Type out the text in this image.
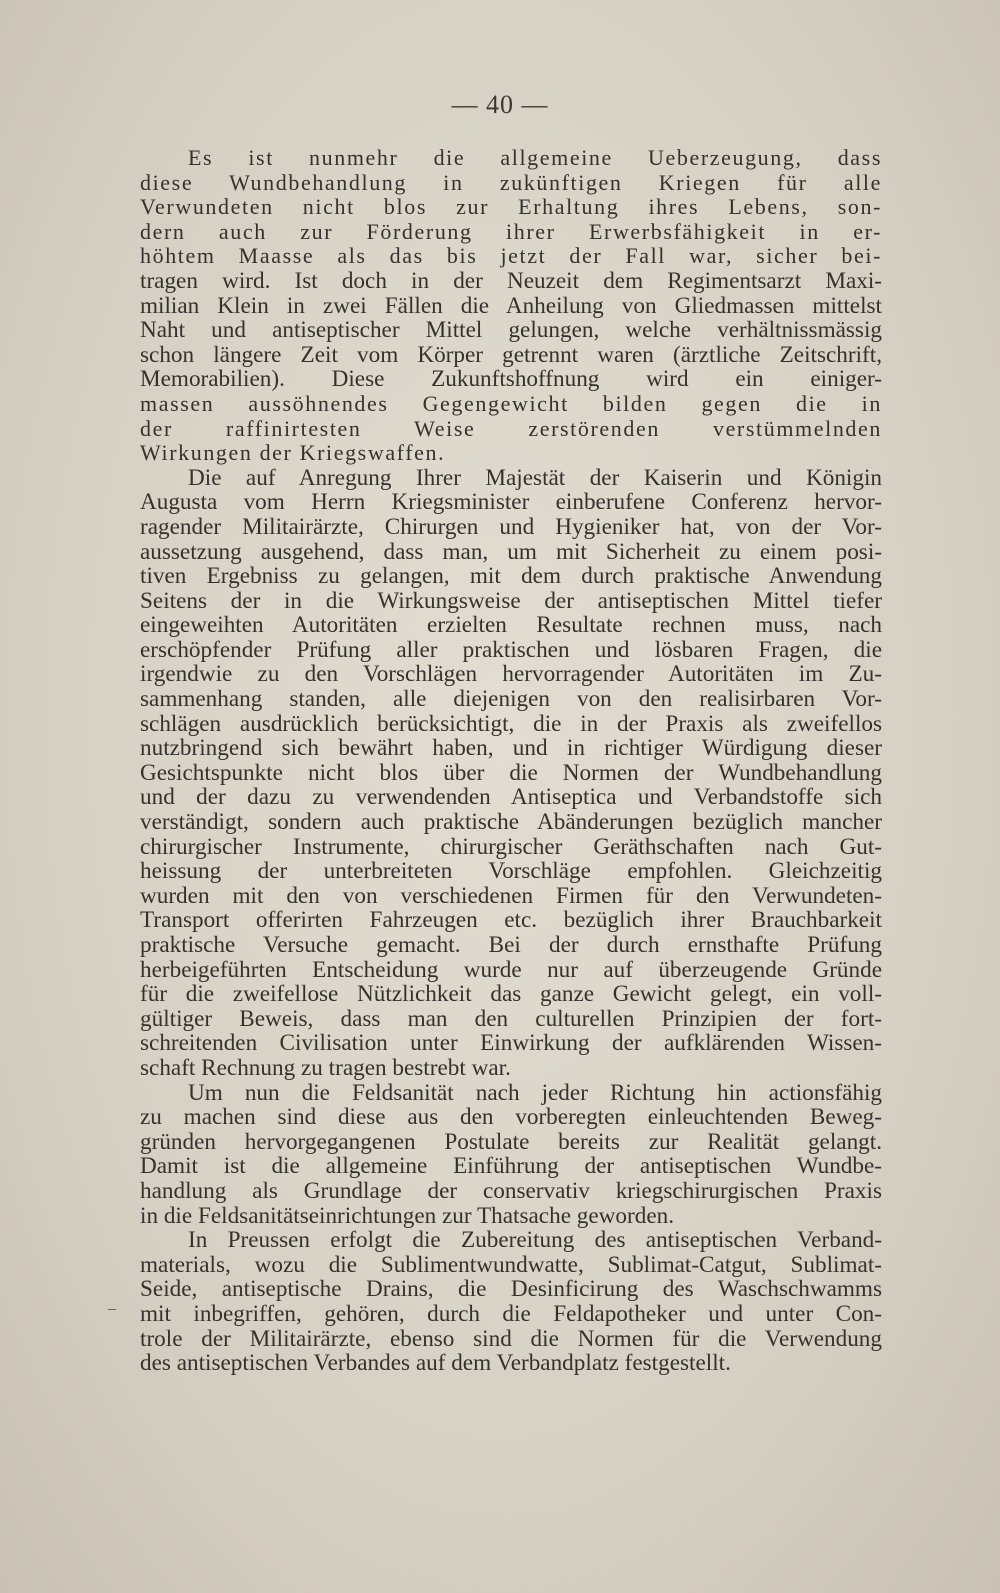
— 40 —
Es ist nunmehr die allgemeine Ueberzeugung, dass
diese Wundbehandlung in zukünftigen Kriegen für alle
Verwundeten nicht blos zur Erhaltung ihres Lebens, son-
dern auch zur Förderung ihrer Erwerbsfähigkeit in er-
höhtem Maasse als das bis jetzt der Fall war, sicher bei-
tragen wird. Ist doch in der Neuzeit dem Regimentsarzt Maxi-
milian Klein in zwei Fällen die Anheilung von Gliedmassen mittelst
Naht und antiseptischer Mittel gelungen, welche verhältnissmässig
schon längere Zeit vom Körper getrennt waren (ärztliche Zeitschrift,
Memorabilien). Diese Zukunftshoffnung wird ein einiger-
massen aussöhnendes Gegengewicht bilden gegen die in
der raffinirtesten Weise zerstörenden verstümmelnden
Wirkungen der Kriegswaffen.
Die auf Anregung Ihrer Majestät der Kaiserin und Königin
Augusta vom Herrn Kriegsminister einberufene Conferenz hervor-
ragender Militairärzte, Chirurgen und Hygieniker hat, von der Vor-
aussetzung ausgehend, dass man, um mit Sicherheit zu einem posi-
tiven Ergebniss zu gelangen, mit dem durch praktische Anwendung
Seitens der in die Wirkungsweise der antiseptischen Mittel tiefer
eingeweihten Autoritäten erzielten Resultate rechnen muss, nach
erschöpfender Prüfung aller praktischen und lösbaren Fragen, die
irgendwie zu den Vorschlägen hervorragender Autoritäten im Zu-
sammenhang standen, alle diejenigen von den realisirbaren Vor-
schlägen ausdrücklich berücksichtigt, die in der Praxis als zweifellos
nutzbringend sich bewährt haben, und in richtiger Würdigung dieser
Gesichtspunkte nicht blos über die Normen der Wundbehandlung
und der dazu zu verwendenden Antiseptica und Verbandstoffe sich
verständigt, sondern auch praktische Abänderungen bezüglich mancher
chirurgischer Instrumente, chirurgischer Geräthschaften nach Gut-
heissung der unterbreiteten Vorschläge empfohlen. Gleichzeitig
wurden mit den von verschiedenen Firmen für den Verwundeten-
Transport offerirten Fahrzeugen etc. bezüglich ihrer Brauchbarkeit
praktische Versuche gemacht. Bei der durch ernsthafte Prüfung
herbeigeführten Entscheidung wurde nur auf überzeugende Gründe
für die zweifellose Nützlichkeit das ganze Gewicht gelegt, ein voll-
gültiger Beweis, dass man den culturellen Prinzipien der fort-
schreitenden Civilisation unter Einwirkung der aufklärenden Wissen-
schaft Rechnung zu tragen bestrebt war.
Um nun die Feldsanität nach jeder Richtung hin actionsfähig
zu machen sind diese aus den vorberegten einleuchtenden Beweg-
gründen hervorgegangenen Postulate bereits zur Realität gelangt.
Damit ist die allgemeine Einführung der antiseptischen Wundbe-
handlung als Grundlage der conservativ kriegschirurgischen Praxis
in die Feldsanitätseinrichtungen zur Thatsache geworden.
In Preussen erfolgt die Zubereitung des antiseptischen Verband-
materials, wozu die Sublimentwundwatte, Sublimat-Catgut, Sublimat-
Seide, antiseptische Drains, die Desinficirung des Waschschwamms
mit inbegriffen, gehören, durch die Feldapotheker und unter Con-
trole der Militairärzte, ebenso sind die Normen für die Verwendung
des antiseptischen Verbandes auf dem Verbandplatz festgestellt.
